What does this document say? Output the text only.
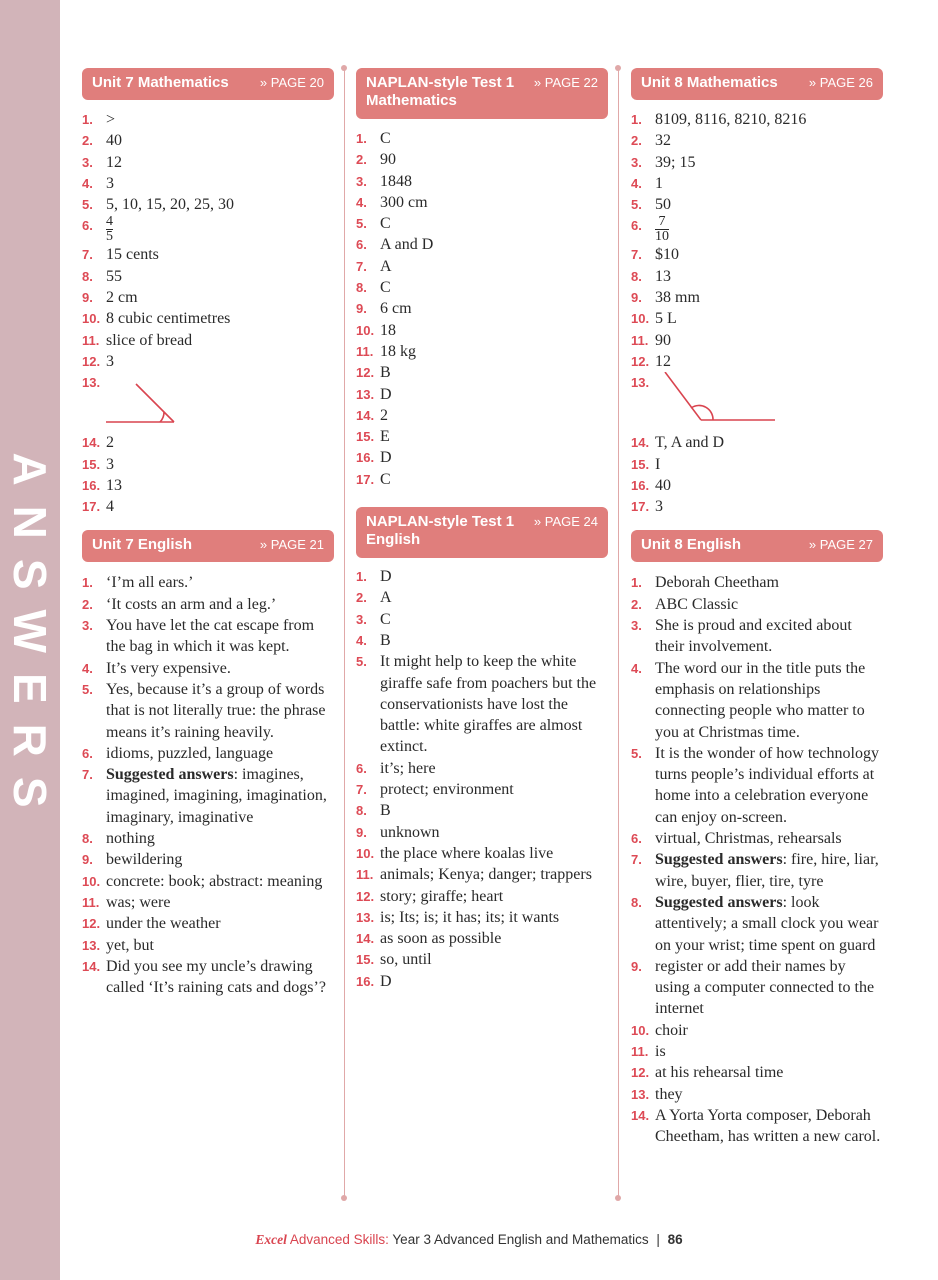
ANSWERS
Unit 7 Mathematics » PAGE 20
1. >
2. 40
3. 12
4. 3
5. 5, 10, 15, 20, 25, 30
6. $\frac{4}{5}$
7. 15 cents
8. 55
9. 2 cm
10. 8 cubic centimetres
11. slice of bread
12. 3
13.
14. 2
15. 3
16. 13
17. 4
Unit 7 English	» PAGE 21
1. ‘I’m all ears.’
2. ‘It costs an arm and a leg.’
3. You have let the cat escape from the bag in which it was kept.
4. It’s very expensive.
5. Yes, because it’s a group of words that is not literally true: the phrase means it’s raining heavily.
6. idioms, puzzled, language
7. Suggested answers: imagines, imagined, imagining, imagination, imaginary, imaginative
8. nothing
9. bewildering
10. concrete: book; abstract: meaning
11. was; were
12. under the weather
13. yet, but
14. Did you see my uncle’s drawing called ‘It’s raining cats and dogs’?
NAPLAN-style Test 1 Mathematics
» PAGE 22
1. C
2. 90
3. 1848
4. 300 cm
5. C
6. A and D
7. A
8. C
9. 6 cm
10. 18
11. 18 kg
12. B
13. D
14. 2
15. E
16. D
17. C
NAPLAN-style Test 1 English
» PAGE 24
1. D
2. A
3. C
4. B
5. It might help to keep the white giraffe safe from poachers but the conservationists have lost the battle: white giraffes are almost extinct.
6. it’s; here
7. protect; environment
8. B
9. unknown
10. the place where koalas live
11. animals; Kenya; danger; trappers
12. story; giraffe; heart
13. is; Its; is; it has; its; it wants
14. as soon as possible
15. so, until
16. D
Unit 8 Mathematics » PAGE 26
1. 8109, 8116, 8210, 8216
2. 32
3. 39; 15
4. 1
5. 50
6. $\frac{7}{10}$
7. $10
8. 13
9. 38 mm
10. 5 L
11. 90
12. 12
13.
14. T, A and D
15. I
16. 40
17. 3
Unit 8 English	» PAGE 27
1. Deborah Cheetham
2. ABC Classic
3. She is proud and excited about their involvement.
4. The word our in the title puts the emphasis on relationships connecting people who matter to you at Christmas time.
5. It is the wonder of how technology turns people’s individual efforts at home into a celebration everyone can enjoy on-screen.
6. virtual, Christmas, rehearsals
7. Suggested answers: fire, hire, liar, wire, buyer, flier, tire, tyre
8. Suggested answers: look attentively; a small clock you wear on your wrist; time spent on guard
9. register or add their names by using a computer connected to the internet
10. choir
11. is
12. at his rehearsal time
13. they
14. A Yorta Yorta composer, Deborah Cheetham, has written a new carol.
Excel Advanced Skills: Year 3 Advanced English and Mathematics | 86
